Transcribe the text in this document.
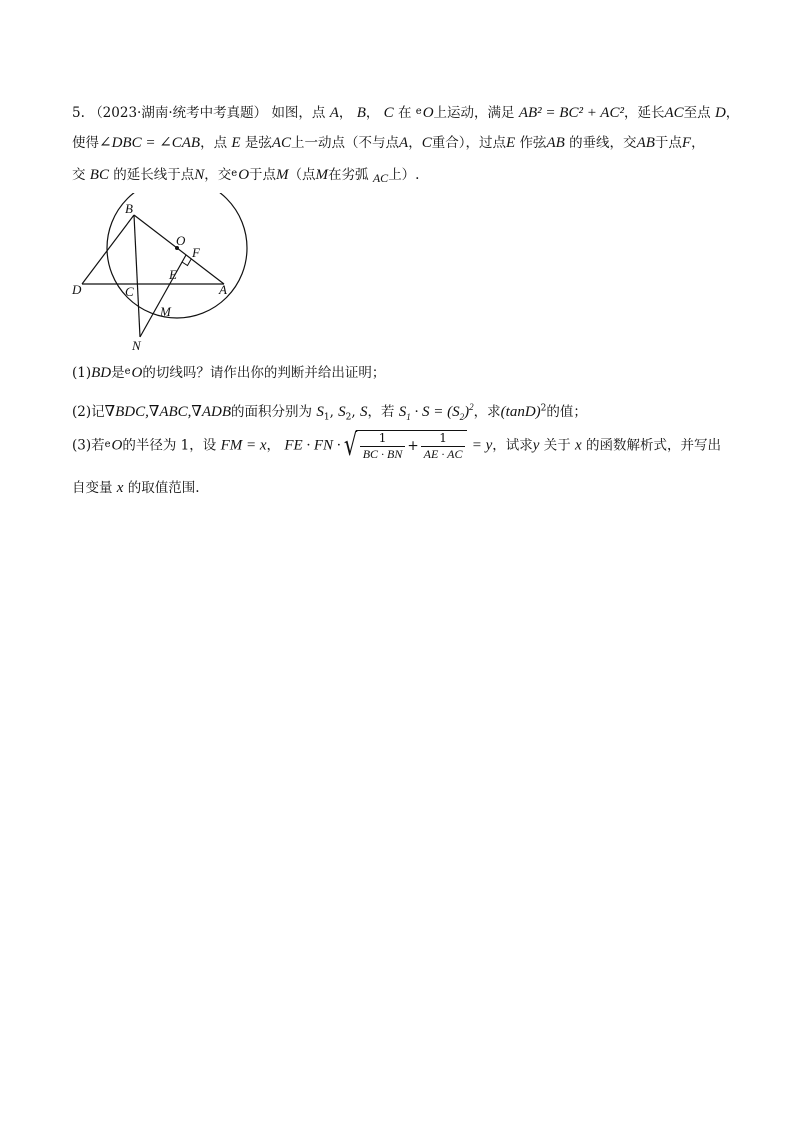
5. （2023·湖南·统考中考真题） 如图，点 A， B， C 在 $^e$O上运动，满足 AB² = BC² + AC²，延长AC至点 D，
使得∠DBC = ∠CAB，点 E 是弦AC上一动点（不与点A，C重合），过点E 作弦AB 的垂线，交AB于点F，
交 BC 的延长线于点N，交$^e$O于点M（点M在劣弧 AC上）.
B
O
F
E
D	C	A
M
N
(1)BD是$^e$O的切线吗？请作出你的判断并给出证明；
(2)记∇BDC,∇ABC,∇ADB的面积分别为 $S_1$, $S_2$, S，若 $S_1 \cdot S = (S_2)^2$，求$(\tan D)^2$的值；
(3)若$^e$O的半径为 1，设 FM = x， FE · FN ·√ $\frac{1}{BC \cdot BN} + \frac{1}{AE \cdot AC} = y$，试求y 关于 x 的函数解析式，并写出
自变量 x 的取值范围.
